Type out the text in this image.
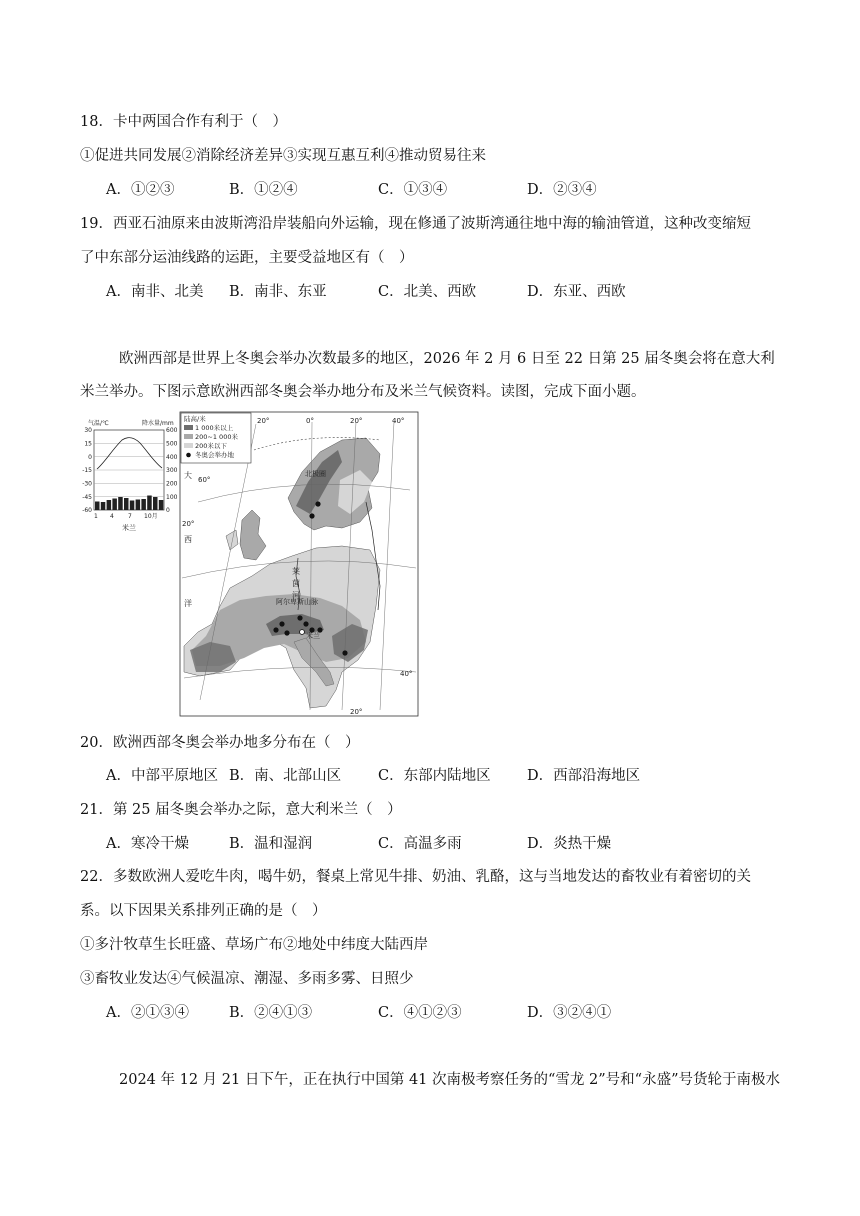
18．卡中两国合作有利于（　）
①促进共同发展②消除经济差异③实现互惠互利④推动贸易往来
A．①②③	B．①②④	C．①③④	D．②③④
19．西亚石油原来由波斯湾沿岸装船向外运输，现在修通了波斯湾通往地中海的输油管道，这种改变缩短
了中东部分运油线路的运距，主要受益地区有（　）
A．南非、北美 B．南非、东亚	C．北美、西欧	D．东亚、西欧
欧洲西部是世界上冬奥会举办次数最多的地区，2026 年 2 月 6 日至 22 日第 25 届冬奥会将在意大利
米兰举办。下图示意欧洲西部冬奥会举办地分布及米兰气候资料。读图，完成下面小题。
气温/℃	降水量/mm
30
15
0
-15
-30
-45
-60
600
500
400
300
200
100
0
1 4 7 10月
米兰
20°	0°	20°	40°
20°
60°
20°
40°
北极圈
阿尔卑斯山脉
米兰
大
西
洋
莱
茵
河
陆高/米
1 000米以上
200~1 000米
200米以下
冬奥会举办地
20．欧洲西部冬奥会举办地多分布在（　）
A．中部平原地区 B．南、北部山区	C．东部内陆地区	D．西部沿海地区
21．第 25 届冬奥会举办之际，意大利米兰（　）
A．寒冷干燥	B．温和湿润	C．高温多雨	D．炎热干燥
22．多数欧洲人爱吃牛肉，喝牛奶，餐桌上常见牛排、奶油、乳酪，这与当地发达的畜牧业有着密切的关
系。以下因果关系排列正确的是（　）
①多汁牧草生长旺盛、草场广布②地处中纬度大陆西岸
③畜牧业发达④气候温凉、潮湿、多雨多雾、日照少
A．②①③④	B．②④①③	C．④①②③	D．③②④①
2024 年 12 月 21 日下午，正在执行中国第 41 次南极考察任务的“雪龙 2”号和“永盛”号货轮于南极水
